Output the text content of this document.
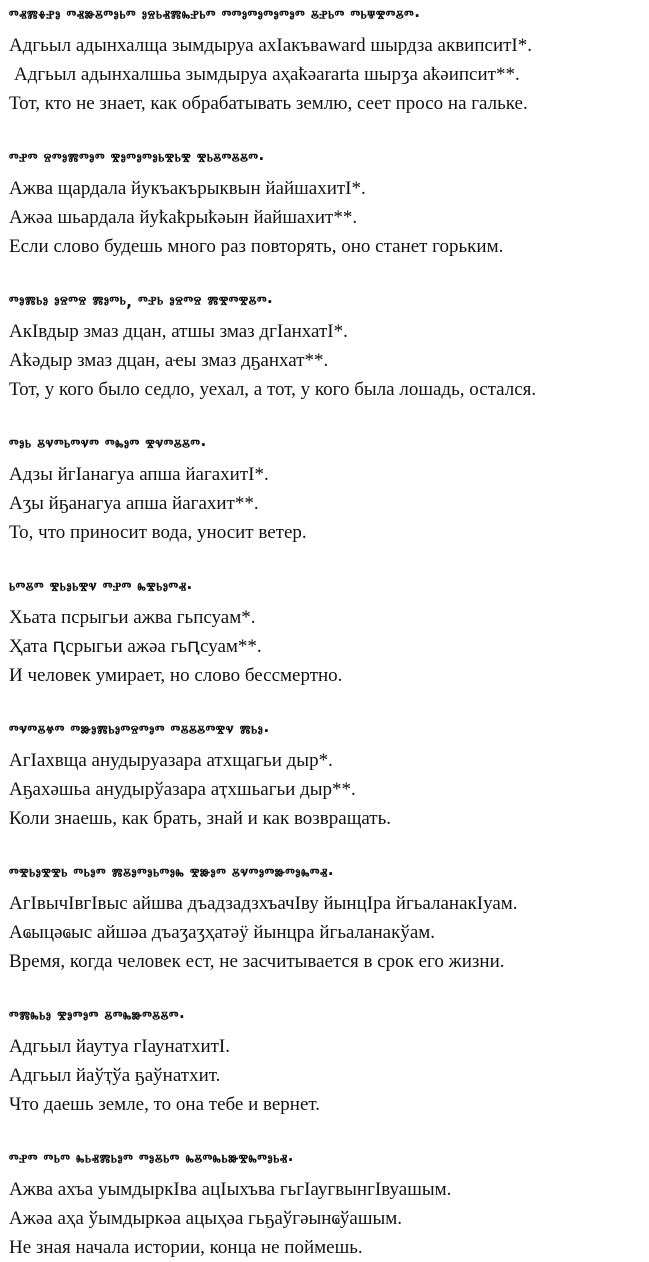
ⱅⱏⰿⰷⱀⱁ ⱅⱏⱆⰻⱅⱁⱃⱅ ⱁⱄⱃⱏⰿⰸⱀⱃⱅ ⱅⱅⱁⱅⱁⱅⱁⱅⱁⱅ ⰻⱀⱃⱅ ⱅⱃⱋⰺⱅⰻⱅ·
Адгьыл адынхалща зымдыруа ахIакъвaward шырдза аквипситI*.
Адгьыл адынхалшьа зымдыруа аҳаҟәararta шырӡа аҟәипсит**.
Тот, кто не знает, как обрабатывать землю, сеет просо на гальке.
ⱅⱀⱅ ⱄⱅⱁⰿⱅⱁⱅ ⰺⱁⱅⱁⱅⱁⱃⰺⱃⰺ ⰺⱃⰻⱅⰻⰻⱅ·
Ажва щардала йукъакърыквын йайшахитI*.
Ажәа шьардала йуҟаҟрыҟәын йайшахит**.
Если слово будешь много раз повторять, оно станет горьким.
ⱅⱁⰿⱃⱁ ⱁⱄⱅⱄ ⰿⱁⱅⱃ, ⱅⱀⱃ ⱁⱄⱅⱄ ⰿⰺⱅⰺⰻⱅ·
АкIвдыр змаз дцан, атшы змаз дгIанхатI*.
Аҟәдыр змаз дцан, аҽы змаз дҕанхат**.
Тот, у кого было седло, уехал, а тот, у кого была лошадь, остался.
ⱅⱁⱃ ⰻⱌⱅⱃⱅⱌⱅ ⱅⰸⱁⱅ ⰺⱌⱅⰻⰻⱅ·
Адзы йгIанагуа апша йагахитI*.
Аӡы йҕанагуа апша йагахит**.
То, что приносит вода, уносит ветер.
ⱃⱅⰻⱅ ⰺⱃⱁⱃⰺⱌ ⱅⱀⱅ ⰸⰺⱃⱁⱅⱏ·
Хьата псрыгьи ажва гьпсуам*.
Ҳата ԥсрыгьи ажәа гьԥсуам**.
И человек умирает, но слово бессмертно.
ⱅⱌⱅⰻⱍⱅ ⱅⱆⱁⰿⱃⱁⱅⱄⱅⱁⱅ ⱅⰻⰻⰻⱅⰺⱌ ⰿⱃⱁ·
АгIахвща анудыруазара атхщагьи дыр*.
Аҕахәшьа анудырўазара аҭхшьагьи дыр**.
Коли знаешь, как брать, знай и как возвращать.
ⱅⰺⱃⱁⰺⰺⱃ ⱅⱃⱁⱅ ⰿⰻⱁⱅⱁⱃⱅⱁⰸ ⰺⱆⱁⱅ ⰻⱌⱅⱁⱅⱆⱅⱁⰸⱅⱏ·
АгIвычIвгIвыс айшва дъадзадзхъачIву йынцIра йгьаланакIуам.
Аҩыцәҩыс айшәа дъаӡаӡҳатәӱ йынцра йгьаланакўам.
Время, когда человек ест, не засчитывается в срок его жизни.
ⱅⰿⰸⱃⱁ ⰺⱁⱅⱁⱅ ⰻⱅⰸⱆⱅⰻⰻⱅ·
Адгьыл йаутуа гIаунатхитI.
Адгьыл йаўҭўа ҕаўнатхит.
Что даешь земле, то она тебе и вернет.
ⱅⱀⱅ ⱅⱃⱅ ⰸⱃⱏⰿⱃⱁⱅ ⱅⱁⰻⱃⱅ ⰸⰻⱅⰸⱃⱆⰺⰸⱅⱁⱃⱏ·
Ажва ахъа уымдыркIва ацIыхъва гьгIаугвынгIвуашым.
Ажәа аҳа ўымдыркәа ацыҳәа гьҕаўгәынҩўашым.
Не зная начала истории, конца не поймешь.
